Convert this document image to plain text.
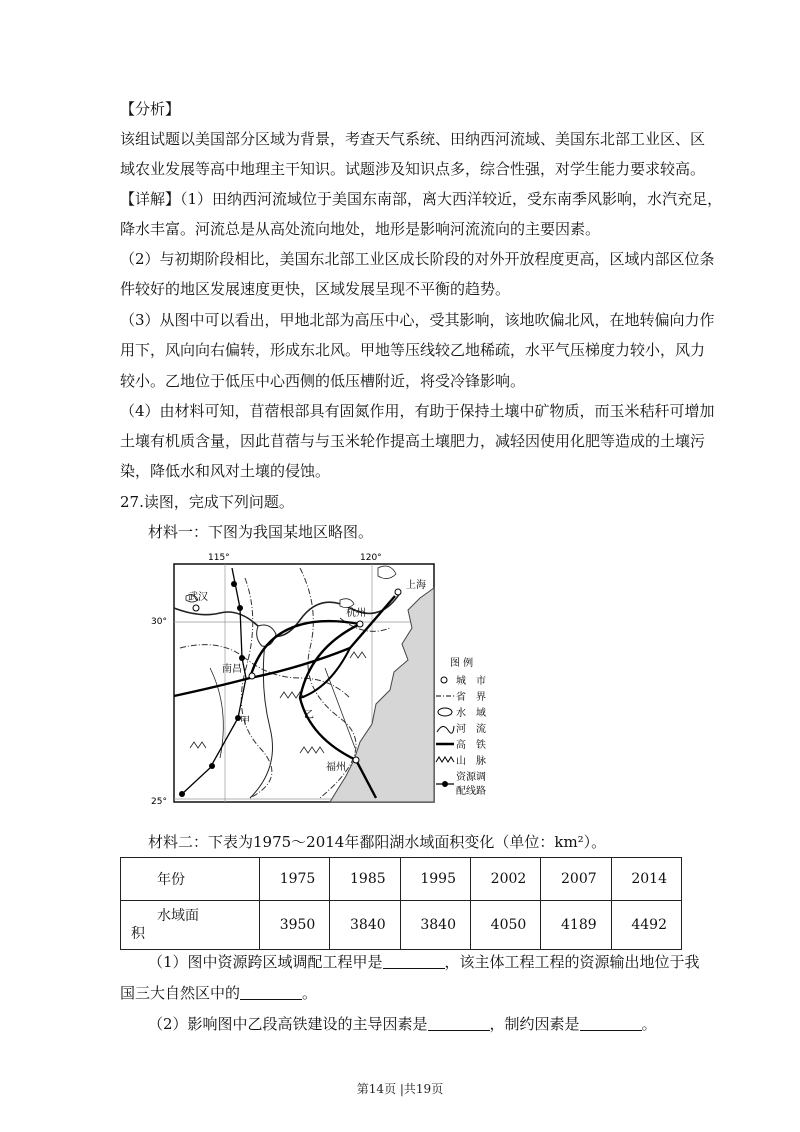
【分析】
该组试题以美国部分区域为背景，考查天气系统、田纳西河流域、美国东北部工业区、区
域农业发展等高中地理主干知识。试题涉及知识点多，综合性强，对学生能力要求较高。
【详解】（1）田纳西河流域位于美国东南部，离大西洋较近，受东南季风影响，水汽充足，
降水丰富。河流总是从高处流向地处，地形是影响河流流向的主要因素。
（2）与初期阶段相比，美国东北部工业区成长阶段的对外开放程度更高，区域内部区位条
件较好的地区发展速度更快，区域发展呈现不平衡的趋势。
（3）从图中可以看出，甲地北部为高压中心，受其影响，该地吹偏北风，在地转偏向力作
用下，风向向右偏转，形成东北风。甲地等压线较乙地稀疏，水平气压梯度力较小，风力
较小。乙地位于低压中心西侧的低压槽附近，将受冷锋影响。
（4）由材料可知，苜蓿根部具有固氮作用，有助于保持土壤中矿物质，而玉米秸秆可增加
土壤有机质含量，因此苜蓿与与玉米轮作提高土壤肥力，减轻因使用化肥等造成的土壤污
染，降低水和风对土壤的侵蚀。
27.读图，完成下列问题。
材料一：下图为我国某地区略图。
115°	120°
30°
25°
武汉
南昌
杭州
上海
福州
甲
乙
图 例
城　市
省　界
水　域
河　流
高　铁
山　脉
资源调
配线路
材料二：下表为1975～2014年鄱阳湖水域面积变化（单位：km²）。
年份	1975	1985	1995	2002	2007	2014

水域面
积	3950	3840	3840	4050	4189	4492
（1）图中资源跨区域调配工程甲是	，该主体工程工程的资源输出地位于我
国三大自然区中的	。
（2）影响图中乙段高铁建设的主导因素是	，制约因素是	。
第14页 |共19页
